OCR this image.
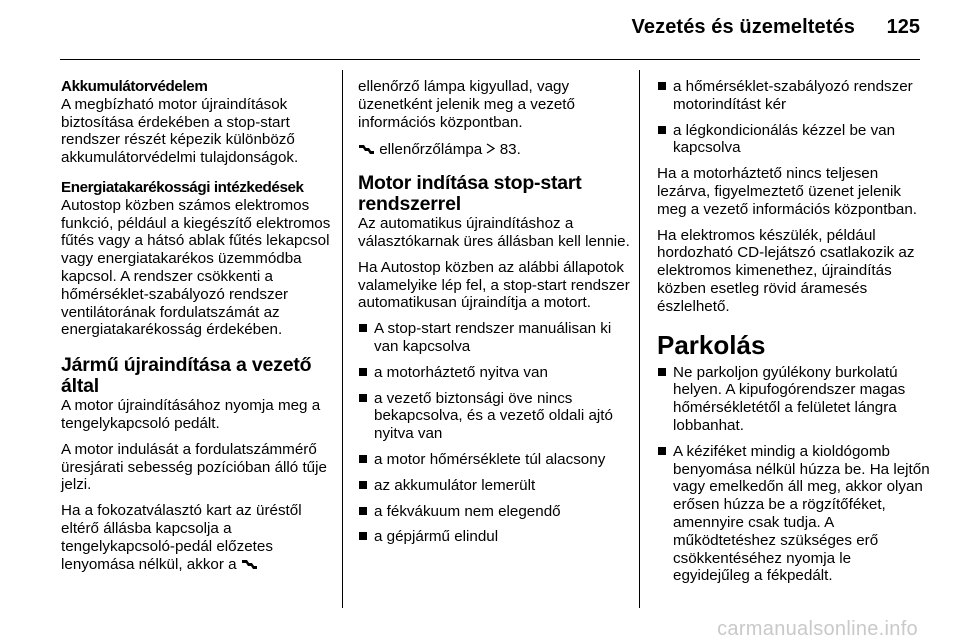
Vezetés és üzemeltetés 125
Akkumulátorvédelem

A megbízható motor újraindítások biztosítása érdekében a stop-start rendszer részét képezik különböző akkumulátorvédelmi tulajdonságok.

Energiatakarékossági intézkedések

Autostop közben számos elektromos funkció, például a kiegészítő elektromos fűtés vagy a hátsó ablak fűtés lekapcsol vagy energiatakarékos üzemmódba kapcsol. A rendszer csökkenti a hőmérséklet-szabályozó rendszer ventilátorának fordulatszámát az energiatakarékosság érdekében.

Jármű újraindítása a vezető által

A motor újraindításához nyomja meg a tengelykapcsoló pedált.

A motor indulását a fordulatszámmérő üresjárati sebesség pozícióban álló tűje jelzi.

Ha a fokozatválasztó kart az üréstől eltérő állásba kapcsolja a tengelykapcsoló-pedál előzetes lenyomása nélkül, akkor a

ellenőrző lámpa kigyullad, vagy üzenetként jelenik meg a vezető információs központban.

ellenőrzőlámpa 83.

Motor indítása stop-start rendszerrel

Az automatikus újraindításhoz a választókarnak üres állásban kell lennie.

Ha Autostop közben az alábbi állapotok valamelyike lép fel, a stop-start rendszer automatikusan újraindítja a motort.

A stop-start rendszer manuálisan ki van kapcsolva
a motorháztető nyitva van
a vezető biztonsági öve nincs bekapcsolva, és a vezető oldali ajtó nyitva van
a motor hőmérséklete túl alacsony
az akkumulátor lemerült
a fékvákuum nem elegendő
a gépjármű elindul
a hőmérséklet-szabályozó rendszer motorindítást kér
a légkondicionálás kézzel be van kapcsolva

Ha a motorháztető nincs teljesen lezárva, figyelmeztető üzenet jelenik meg a vezető információs központban.

Ha elektromos készülék, például hordozható CD-lejátszó csatlakozik az elektromos kimenethez, újraindítás közben esetleg rövid áramesés észlelhető.

Parkolás
Ne parkoljon gyúlékony burkolatú helyen. A kipufogórendszer magas hőmérsékletétől a felületet lángra lobbanhat.
A kéziféket mindig a kioldógomb benyomása nélkül húzza be. Ha lejtőn vagy emelkedőn áll meg, akkor olyan erősen húzza be a rögzítőféket, amennyire csak tudja. A működtetéshez szükséges erő csökkentéséhez nyomja le egyidejűleg a fékpedált.
carmanualsonline.info
